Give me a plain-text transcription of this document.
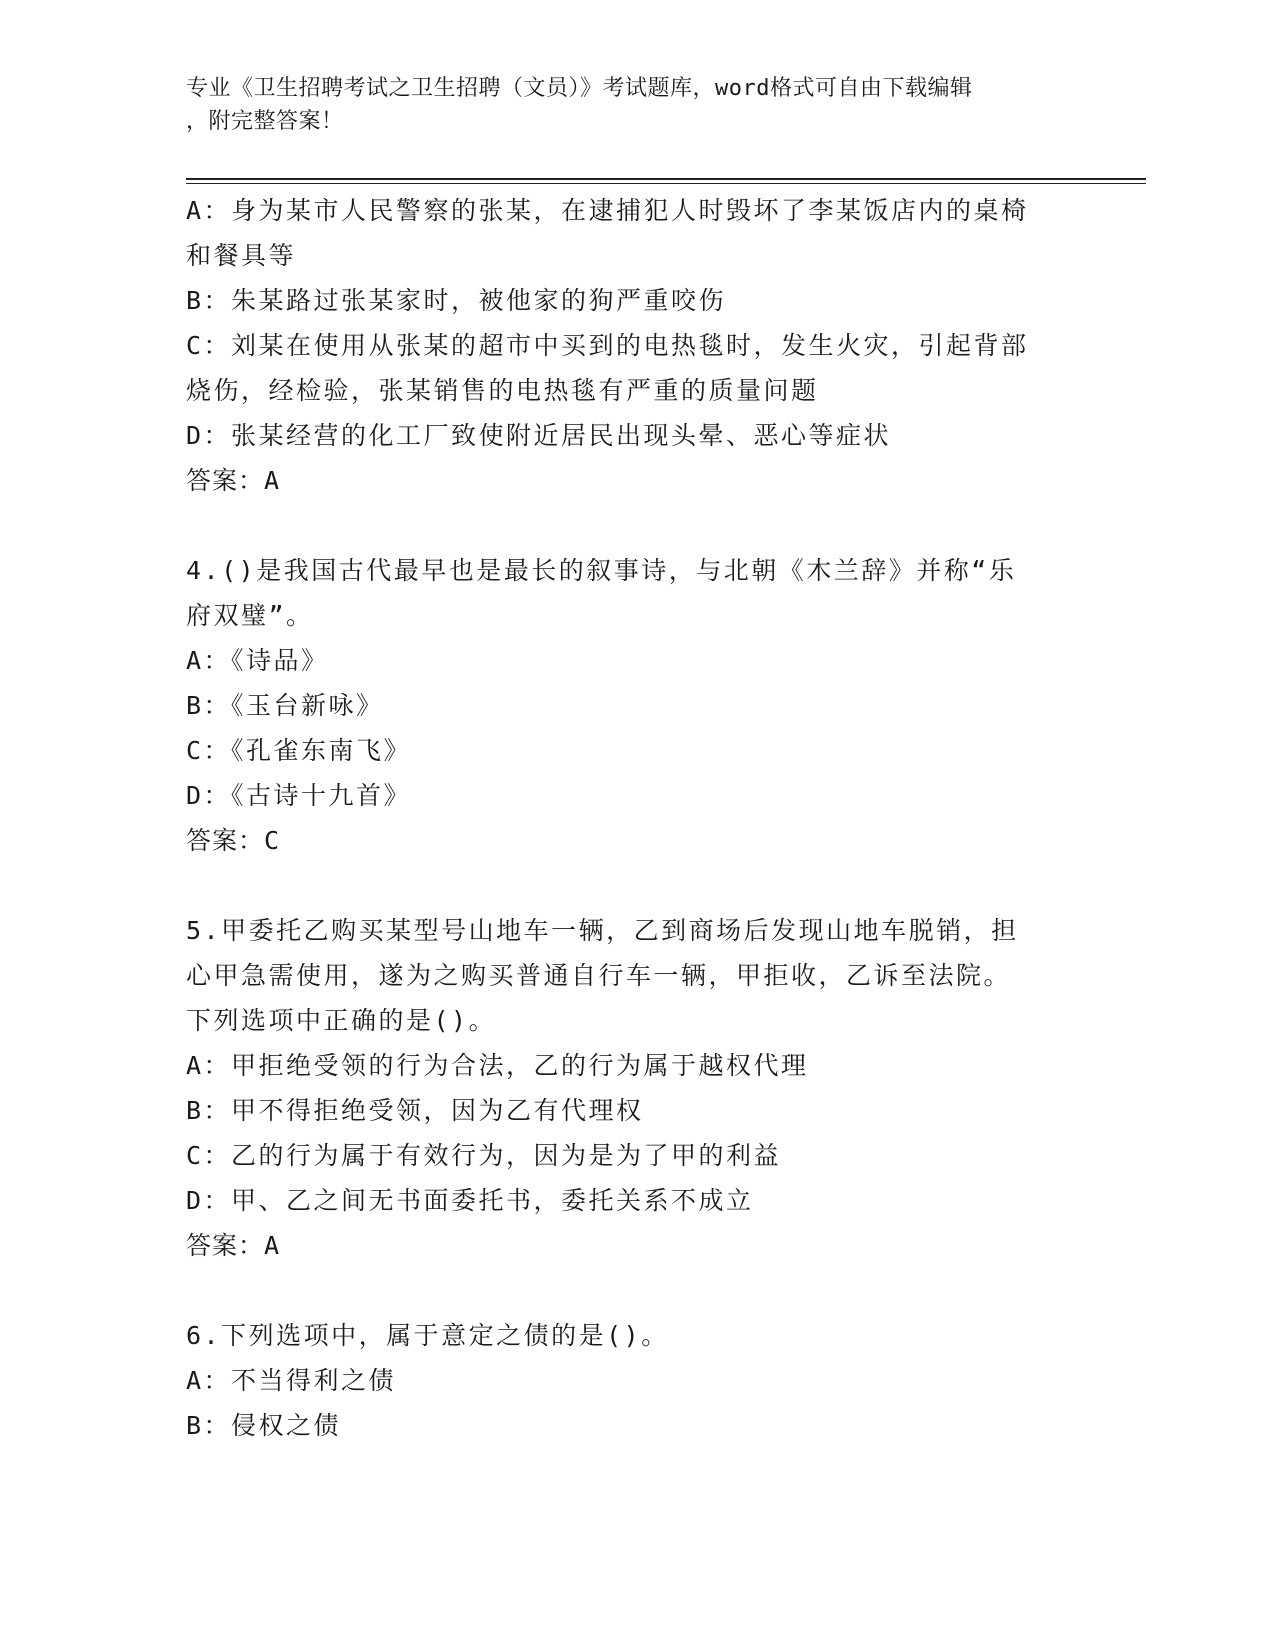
专业《卫生招聘考试之卫生招聘（文员）》考试题库，word格式可自由下载编辑
，附完整答案！
A：身为某市人民警察的张某，在逮捕犯人时毁坏了李某饭店内的桌椅
和餐具等
B：朱某路过张某家时，被他家的狗严重咬伤
C：刘某在使用从张某的超市中买到的电热毯时，发生火灾，引起背部
烧伤，经检验，张某销售的电热毯有严重的质量问题
D：张某经营的化工厂致使附近居民出现头晕、恶心等症状
答案：A
4.()是我国古代最早也是最长的叙事诗，与北朝《木兰辞》并称“乐
府双璧”。
A：《诗品》
B：《玉台新咏》
C：《孔雀东南飞》
D：《古诗十九首》
答案：C
5.甲委托乙购买某型号山地车一辆，乙到商场后发现山地车脱销，担
心甲急需使用，遂为之购买普通自行车一辆，甲拒收，乙诉至法院。
下列选项中正确的是()。
A：甲拒绝受领的行为合法，乙的行为属于越权代理
B：甲不得拒绝受领，因为乙有代理权
C：乙的行为属于有效行为，因为是为了甲的利益
D：甲、乙之间无书面委托书，委托关系不成立
答案：A
6.下列选项中，属于意定之债的是()。
A：不当得利之债
B：侵权之债
